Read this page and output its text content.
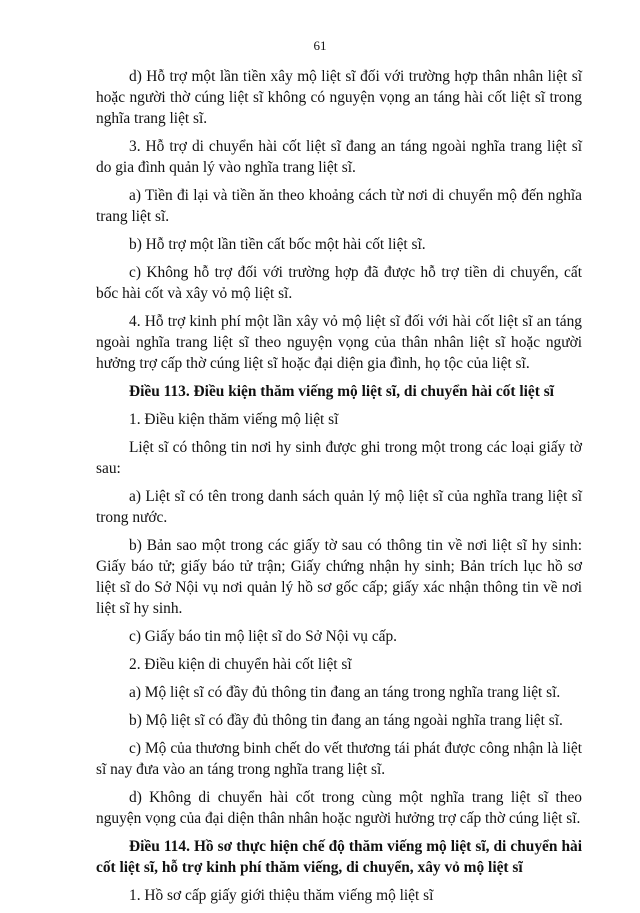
61

d) Hỗ trợ một lần tiền xây mộ liệt sĩ đối với trường hợp thân nhân liệt sĩ hoặc người thờ cúng liệt sĩ không có nguyện vọng an táng hài cốt liệt sĩ trong nghĩa trang liệt sĩ.

3. Hỗ trợ di chuyển hài cốt liệt sĩ đang an táng ngoài nghĩa trang liệt sĩ do gia đình quản lý vào nghĩa trang liệt sĩ.

a) Tiền đi lại và tiền ăn theo khoảng cách từ nơi di chuyển mộ đến nghĩa trang liệt sĩ.

b) Hỗ trợ một lần tiền cất bốc một hài cốt liệt sĩ.

c) Không hỗ trợ đối với trường hợp đã được hỗ trợ tiền di chuyển, cất bốc hài cốt và xây vỏ mộ liệt sĩ.

4. Hỗ trợ kinh phí một lần xây vỏ mộ liệt sĩ đối với hài cốt liệt sĩ an táng ngoài nghĩa trang liệt sĩ theo nguyện vọng của thân nhân liệt sĩ hoặc người hưởng trợ cấp thờ cúng liệt sĩ hoặc đại diện gia đình, họ tộc của liệt sĩ.

Điều 113. Điều kiện thăm viếng mộ liệt sĩ, di chuyển hài cốt liệt sĩ

1. Điều kiện thăm viếng mộ liệt sĩ

Liệt sĩ có thông tin nơi hy sinh được ghi trong một trong các loại giấy tờ sau:

a) Liệt sĩ có tên trong danh sách quản lý mộ liệt sĩ của nghĩa trang liệt sĩ trong nước.

b) Bản sao một trong các giấy tờ sau có thông tin về nơi liệt sĩ hy sinh: Giấy báo tử; giấy báo tử trận; Giấy chứng nhận hy sinh; Bản trích lục hồ sơ liệt sĩ do Sở Nội vụ nơi quản lý hồ sơ gốc cấp; giấy xác nhận thông tin về nơi liệt sĩ hy sinh.

c) Giấy báo tin mộ liệt sĩ do Sở Nội vụ cấp.

2. Điều kiện di chuyển hài cốt liệt sĩ

a) Mộ liệt sĩ có đầy đủ thông tin đang an táng trong nghĩa trang liệt sĩ.

b) Mộ liệt sĩ có đầy đủ thông tin đang an táng ngoài nghĩa trang liệt sĩ.

c) Mộ của thương binh chết do vết thương tái phát được công nhận là liệt sĩ nay đưa vào an táng trong nghĩa trang liệt sĩ.

d) Không di chuyển hài cốt trong cùng một nghĩa trang liệt sĩ theo nguyện vọng của đại diện thân nhân hoặc người hưởng trợ cấp thờ cúng liệt sĩ.

Điều 114. Hồ sơ thực hiện chế độ thăm viếng mộ liệt sĩ, di chuyển hài cốt liệt sĩ, hỗ trợ kinh phí thăm viếng, di chuyển, xây vỏ mộ liệt sĩ

1. Hồ sơ cấp giấy giới thiệu thăm viếng mộ liệt sĩ
